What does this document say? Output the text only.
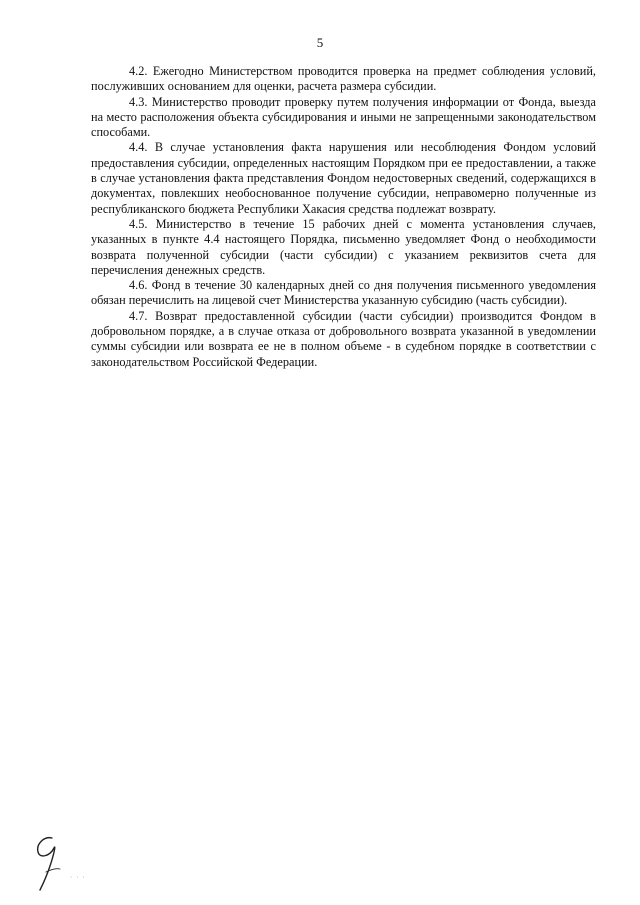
5

4.2. Ежегодно Министерством проводится проверка на предмет соблюдения условий, послуживших основанием для оценки, расчета размера субсидии.

4.3. Министерство проводит проверку путем получения информации от Фонда, выезда на место расположения объекта субсидирования и иными не запрещенными законодательством способами.

4.4. В случае установления факта нарушения или несоблюдения Фондом условий предоставления субсидии, определенных настоящим Порядком при ее предоставлении, а также в случае установления факта представления Фондом недостоверных сведений, содержащихся в документах, повлекших необоснованное получение субсидии, неправомерно полученные из республиканского бюджета Республики Хакасия средства подлежат возврату.

4.5. Министерство в течение 15 рабочих дней с момента установления случаев, указанных в пункте 4.4 настоящего Порядка, письменно уведомляет Фонд о необходимости возврата полученной субсидии (части субсидии) с указанием реквизитов счета для перечисления денежных средств.

4.6. Фонд в течение 30 календарных дней со дня получения письменного уведомления обязан перечислить на лицевой счет Министерства указанную субсидию (часть субсидии).

4.7. Возврат предоставленной субсидии (части субсидии) производится Фондом в добровольном порядке, а в случае отказа от добровольного возврата указанной в уведомлении суммы субсидии или возврата ее не в полном объеме - в судебном порядке в соответствии с законодательством Российской Федерации.

· · ·
